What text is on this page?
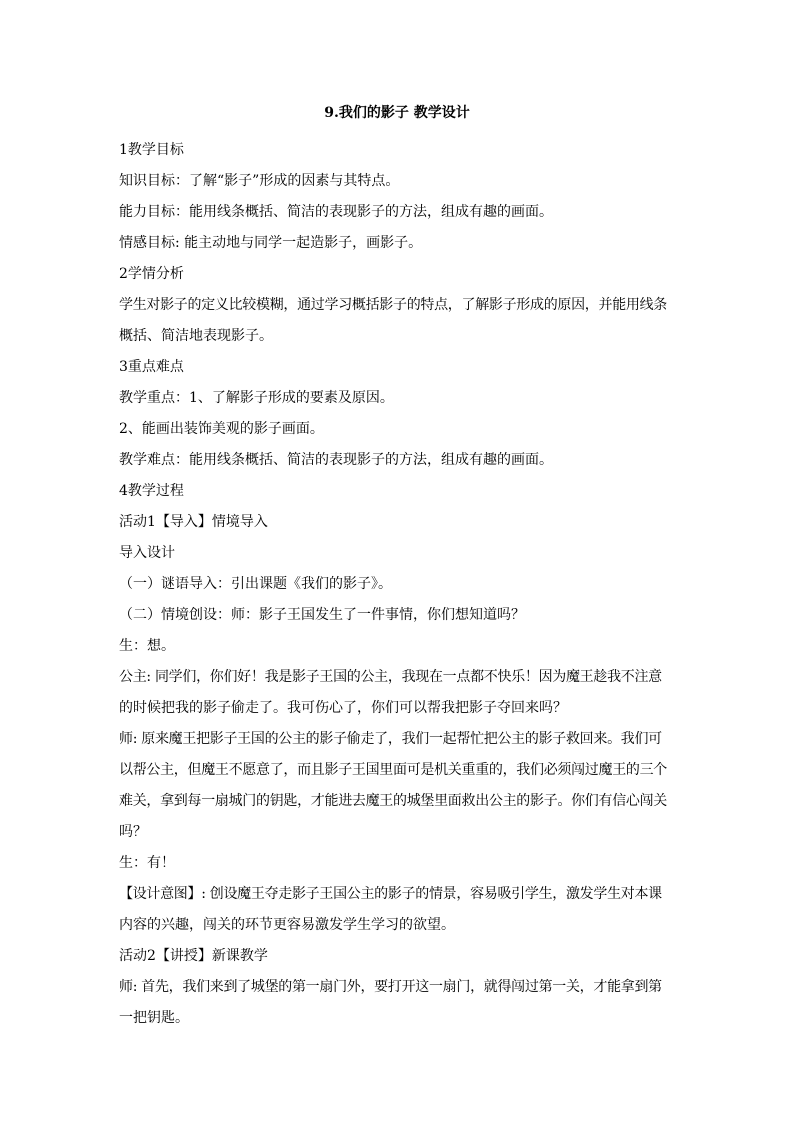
9.我们的影子 教学设计
1教学目标
知识目标：了解“影子”形成的因素与其特点。
能力目标：能用线条概括、简洁的表现影子的方法，组成有趣的画面。
情感目标: 能主动地与同学一起造影子，画影子。
2学情分析
学生对影子的定义比较模糊，通过学习概括影子的特点，了解影子形成的原因，并能用线条
概括、简洁地表现影子。
3重点难点
教学重点：1、了解影子形成的要素及原因。
2、能画出装饰美观的影子画面。
教学难点：能用线条概括、简洁的表现影子的方法，组成有趣的画面。
4教学过程
活动1【导入】情境导入
导入设计
（一）谜语导入：引出课题《我们的影子》。
（二）情境创设：师：影子王国发生了一件事情，你们想知道吗？
生：想。
公主: 同学们，你们好！我是影子王国的公主，我现在一点都不快乐！因为魔王趁我不注意
的时候把我的影子偷走了。我可伤心了，你们可以帮我把影子夺回来吗？
师: 原来魔王把影子王国的公主的影子偷走了，我们一起帮忙把公主的影子救回来。我们可
以帮公主，但魔王不愿意了，而且影子王国里面可是机关重重的，我们必须闯过魔王的三个
难关，拿到每一扇城门的钥匙，才能进去魔王的城堡里面救出公主的影子。你们有信心闯关
吗？
生：有！
【设计意图】: 创设魔王夺走影子王国公主的影子的情景，容易吸引学生，激发学生对本课
内容的兴趣，闯关的环节更容易激发学生学习的欲望。
活动2【讲授】新课教学
师: 首先，我们来到了城堡的第一扇门外，要打开这一扇门，就得闯过第一关，才能拿到第
一把钥匙。
